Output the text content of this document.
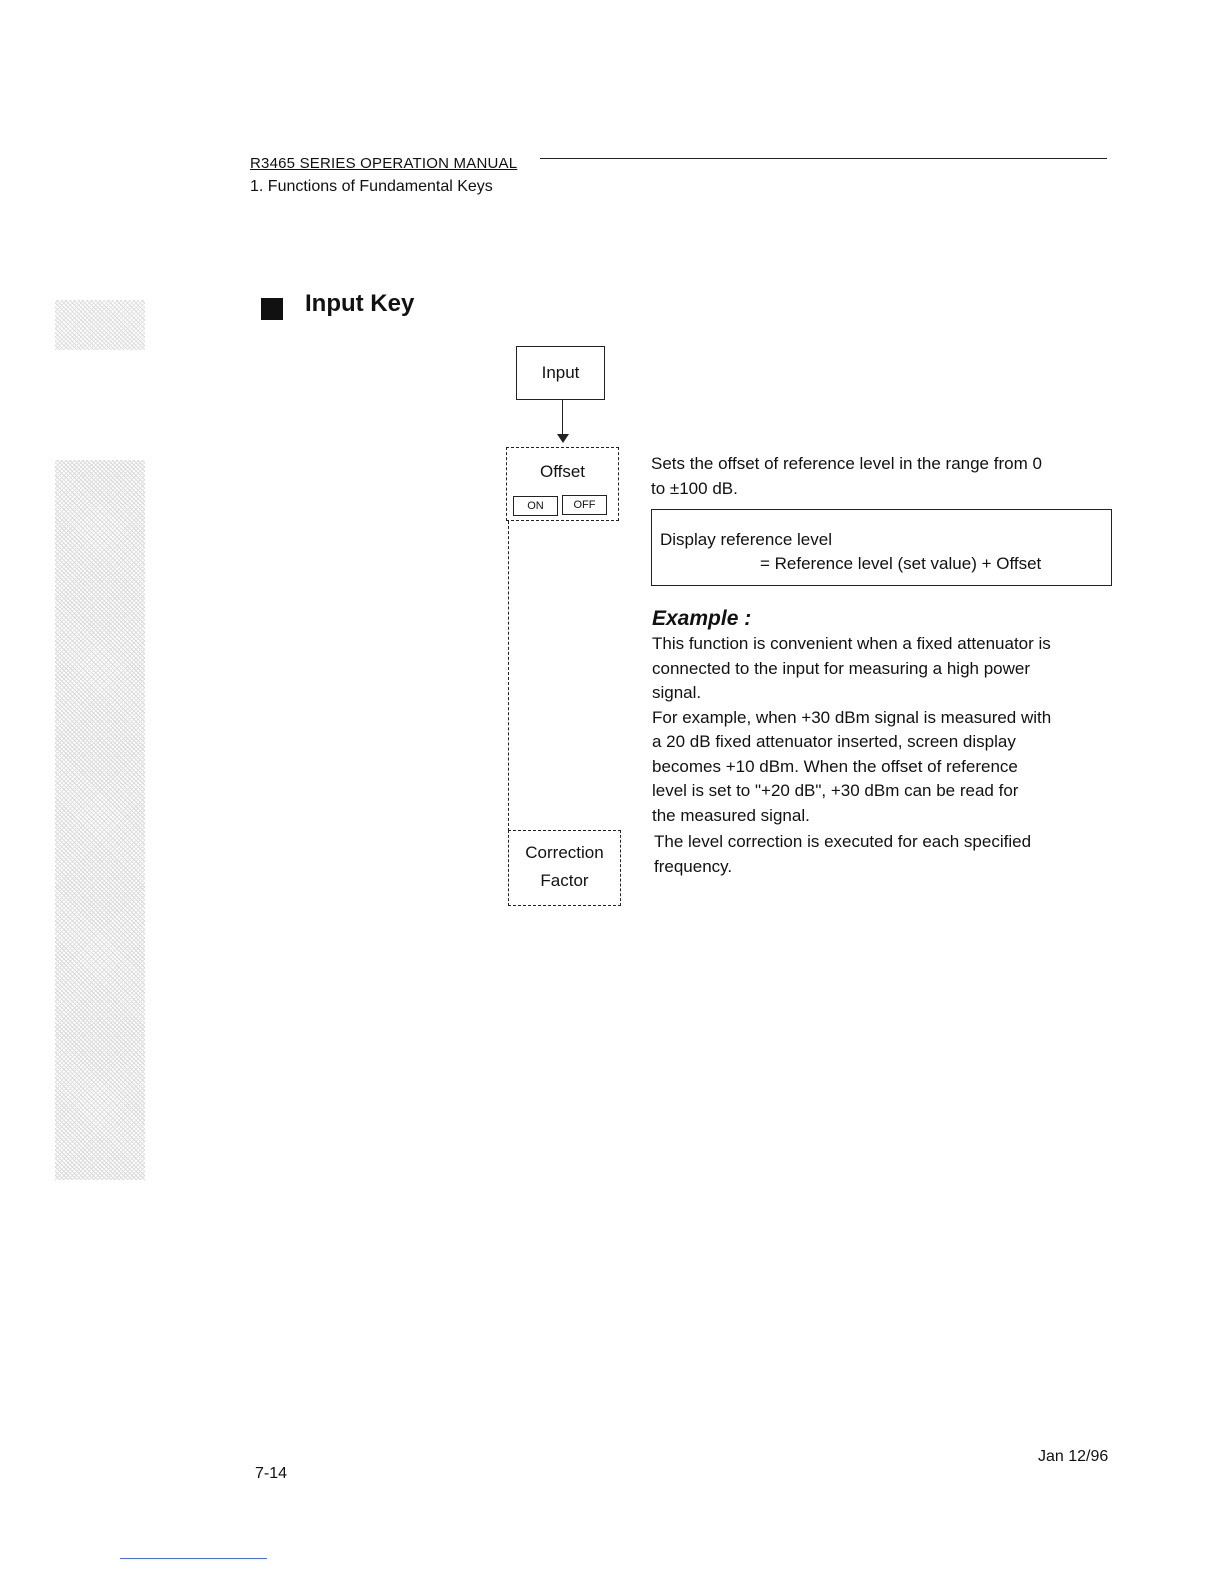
R3465 SERIES OPERATION MANUAL
1. Functions of Fundamental Keys
Input Key
Input
Offset
ON	OFF
Correction
Factor
Sets the offset of reference level in the range from 0
to ±100 dB.
Display reference level
= Reference level (set value) + Offset
Example :
This function is convenient when a fixed attenuator is
connected to the input for measuring a high power
signal.
For example, when +30 dBm signal is measured with
a 20 dB fixed attenuator inserted, screen display
becomes +10 dBm. When the offset of reference
level is set to "+20 dB", +30 dBm can be read for
the measured signal.
The level correction is executed for each specified
frequency.
7-14
Jan 12/96
